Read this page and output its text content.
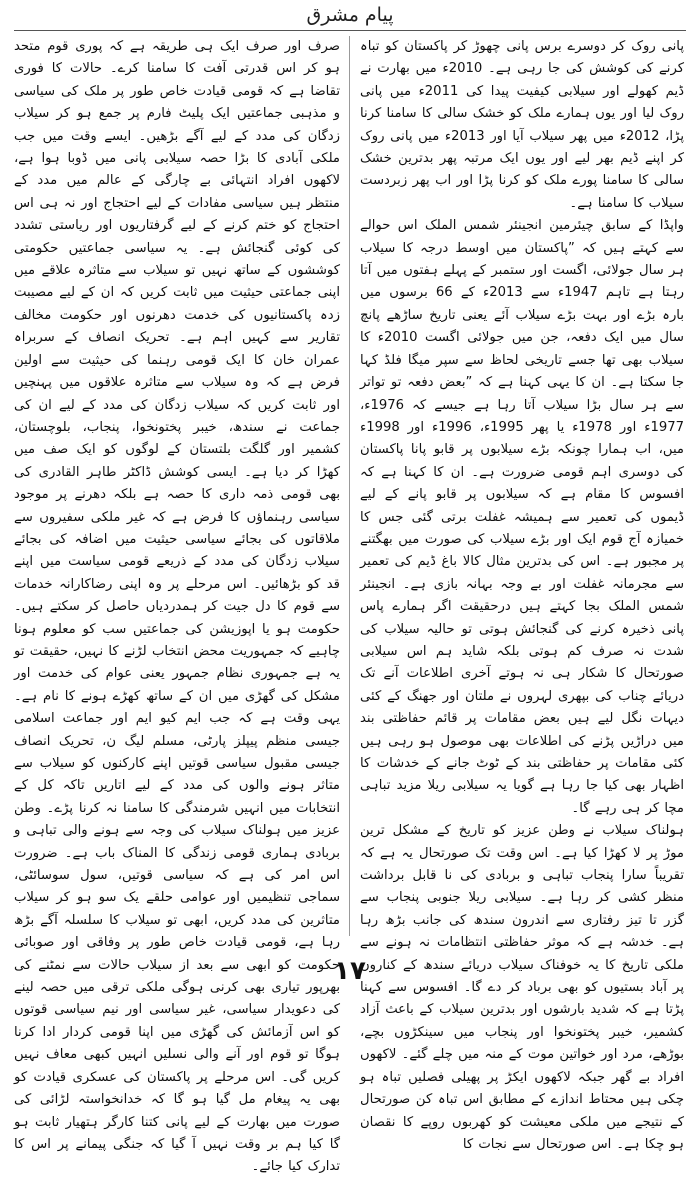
پیام مشرق

پانی روک کر دوسرے برس پانی چھوڑ کر پاکستان کو تباہ کرنے کی کوشش کی جا رہی ہے۔ 2010ء میں بھارت نے ڈیم کھولے اور سیلابی کیفیت پیدا کی 2011ء میں پانی روک لیا اور یوں ہمارے ملک کو خشک سالی کا سامنا کرنا پڑا، 2012ء میں پھر سیلاب آیا اور 2013ء میں پانی روک کر اپنے ڈیم بھر لیے اور یوں ایک مرتبہ پھر بدترین خشک سالی کا سامنا پورے ملک کو کرنا پڑا اور اب پھر زبردست سیلاب کا سامنا ہے۔

واپڈا کے سابق چیئرمین انجینئر شمس الملک اس حوالے سے کہتے ہیں کہ ”پاکستان میں اوسط درجہ کا سیلاب ہر سال جولائی، اگست اور ستمبر کے پہلے ہفتوں میں آتا رہتا ہے تاہم 1947ء سے 2013ء کے 66 برسوں میں بارہ بڑے اور بہت بڑے سیلاب آئے یعنی تاریخ ساڑھے پانچ سال میں ایک دفعہ، جن میں جولائی اگست 2010ء کا سیلاب بھی تھا جسے تاریخی لحاظ سے سپر میگا فلڈ کہا جا سکتا ہے۔ ان کا یہی کہنا ہے کہ ”بعض دفعہ تو تواتر سے ہر سال بڑا سیلاب آتا رہا ہے جیسے کہ 1976ء، 1977ء اور 1978ء یا پھر 1995ء، 1996ء اور 1998ء میں، اب ہمارا چونکہ بڑے سیلابوں پر قابو پانا پاکستان کی دوسری اہم قومی ضرورت ہے۔ ان کا کہنا ہے کہ افسوس کا مقام ہے کہ سیلابوں پر قابو پانے کے لیے ڈیموں کی تعمیر سے ہمیشہ غفلت برتی گئی جس کا خمیازہ آج قوم ایک اور بڑے سیلاب کی صورت میں بھگتنے پر مجبور ہے۔ اس کی بدترین مثال کالا باغ ڈیم کی تعمیر سے مجرمانہ غفلت اور بے وجہ بہانہ بازی ہے۔ انجینئر شمس الملک بجا کہتے ہیں درحقیقت اگر ہمارے پاس پانی ذخیرہ کرنے کی گنجائش ہوتی تو حالیہ سیلاب کی شدت نہ صرف کم ہوتی بلکہ شاید ہم اس سیلابی صورتحال کا شکار ہی نہ ہوتے آخری اطلاعات آنے تک دریائے چناب کی بپھری لہروں نے ملتان اور جھنگ کے کئی دیہات نگل لیے ہیں بعض مقامات پر قائم حفاظتی بند میں دراڑیں پڑنے کی اطلاعات بھی موصول ہو رہی ہیں کئی مقامات پر حفاظتی بند کے ٹوٹ جانے کے خدشات کا اظہار بھی کیا جا رہا ہے گویا یہ سیلابی ریلا مزید تباہی مچا کر ہی رہے گا۔

ہولناک سیلاب نے وطن عزیز کو تاریخ کے مشکل ترین موڑ پر لا کھڑا کیا ہے۔ اس وقت تک صورتحال یہ ہے کہ تقریباً سارا پنجاب تباہی و بربادی کی نا قابل برداشت منظر کشی کر رہا ہے۔ سیلابی ریلا جنوبی پنجاب سے گزر تا تیز رفتاری سے اندرون سندھ کی جانب بڑھ رہا ہے۔ خدشہ ہے کہ موثر حفاظتی انتظامات نہ ہونے سے ملکی تاریخ کا یہ خوفناک سیلاب دریائے سندھ کے کناروں پر آباد بستیوں کو بھی برباد کر دے گا۔ افسوس سے کہنا پڑتا ہے کہ شدید بارشوں اور بدترین سیلاب کے باعث آزاد کشمیر، خیبر پختونخوا اور پنجاب میں سینکڑوں بچے، بوڑھے، مرد اور خواتین موت کے منہ میں چلے گئے۔ لاکھوں افراد بے گھر جبکہ لاکھوں ایکڑ پر پھیلی فصلیں تباہ ہو چکی ہیں محتاط اندازے کے مطابق اس تباہ کن صورتحال کے نتیجے میں ملکی معیشت کو کھربوں روپے کا نقصان ہو چکا ہے۔ اس صورتحال سے نجات کا

صرف اور صرف ایک ہی طریقہ ہے کہ پوری قوم متحد ہو کر اس قدرتی آفت کا سامنا کرے۔ حالات کا فوری تقاضا ہے کہ قومی قیادت خاص طور پر ملک کی سیاسی و مذہبی جماعتیں ایک پلیٹ فارم پر جمع ہو کر سیلاب زدگان کی مدد کے لیے آگے بڑھیں۔ ایسے وقت میں جب ملکی آبادی کا بڑا حصہ سیلابی پانی میں ڈوبا ہوا ہے، لاکھوں افراد انتہائی بے چارگی کے عالم میں مدد کے منتظر ہیں سیاسی مفادات کے لیے احتجاج اور نہ ہی اس احتجاج کو ختم کرنے کے لیے گرفتاریوں اور ریاستی تشدد کی کوئی گنجائش ہے۔ یہ سیاسی جماعتیں حکومتی کوششوں کے ساتھ نہیں تو سیلاب سے متاثرہ علاقے میں اپنی جماعتی حیثیت میں ثابت کریں کہ ان کے لیے مصیبت زدہ پاکستانیوں کی خدمت دھرنوں اور حکومت مخالف تقاریر سے کہیں اہم ہے۔ تحریک انصاف کے سربراہ عمران خان کا ایک قومی رہنما کی حیثیت سے اولین فرض ہے کہ وہ سیلاب سے متاثرہ علاقوں میں پہنچیں اور ثابت کریں کہ سیلاب زدگان کی مدد کے لیے ان کی جماعت نے سندھ، خیبر پختونخوا، پنجاب، بلوچستان، کشمیر اور گلگت بلتستان کے لوگوں کو ایک صف میں کھڑا کر دیا ہے۔ ایسی کوشش ڈاکٹر طاہر القادری کی بھی قومی ذمہ داری کا حصہ ہے بلکہ دھرنے پر موجود سیاسی رہنماؤں کا فرض ہے کہ غیر ملکی سفیروں سے ملاقاتوں کی بجائے سیاسی حیثیت میں اضافہ کی بجائے سیلاب زدگان کی مدد کے ذریعے قومی سیاست میں اپنے قد کو بڑھائیں۔ اس مرحلے پر وہ اپنی رضاکارانہ خدمات سے قوم کا دل جیت کر ہمدردیاں حاصل کر سکتے ہیں۔ حکومت ہو یا اپوزیشن کی جماعتیں سب کو معلوم ہونا چاہیے کہ جمہوریت محض انتخاب لڑنے کا نہیں، حقیقت تو یہ ہے جمہوری نظام جمہور یعنی عوام کی خدمت اور مشکل کی گھڑی میں ان کے ساتھ کھڑے ہونے کا نام ہے۔ یہی وقت ہے کہ جب ایم کیو ایم اور جماعت اسلامی جیسی منظم پیپلز پارٹی، مسلم لیگ ن، تحریک انصاف جیسی مقبول سیاسی قوتیں اپنے کارکنوں کو سیلاب سے متاثر ہونے والوں کی مدد کے لیے اتاریں تاکہ کل کے انتخابات میں انہیں شرمندگی کا سامنا نہ کرنا پڑے۔ وطن عزیز میں ہولناک سیلاب کی وجہ سے ہونے والی تباہی و بربادی ہماری قومی زندگی کا المناک باب ہے۔ ضرورت اس امر کی ہے کہ سیاسی قوتیں، سول سوسائٹی، سماجی تنظیمیں اور عوامی حلقے یک سو ہو کر سیلاب متاثرین کی مدد کریں، ابھی تو سیلاب کا سلسلہ آگے بڑھ رہا ہے، قومی قیادت خاص طور پر وفاقی اور صوبائی حکومت کو ابھی سے بعد از سیلاب حالات سے نمٹنے کی بھرپور تیاری بھی کرنی ہوگی ملکی ترقی میں حصہ لینے کی دعویدار سیاسی، غیر سیاسی اور نیم سیاسی قوتوں کو اس آزمائش کی گھڑی میں اپنا قومی کردار ادا کرنا ہوگا تو قوم اور آنے والی نسلیں انہیں کبھی معاف نہیں کریں گی۔ اس مرحلے پر پاکستان کی عسکری قیادت کو بھی یہ پیغام مل گیا ہو گا کہ خدانخواستہ لڑائی کی صورت میں بھارت کے لیے پانی کتنا کارگر ہتھیار ثابت ہو گا کیا ہم بر وقت نہیں آ گیا کہ جنگی پیمانے پر اس کا تدارک کیا جائے۔

١٧
